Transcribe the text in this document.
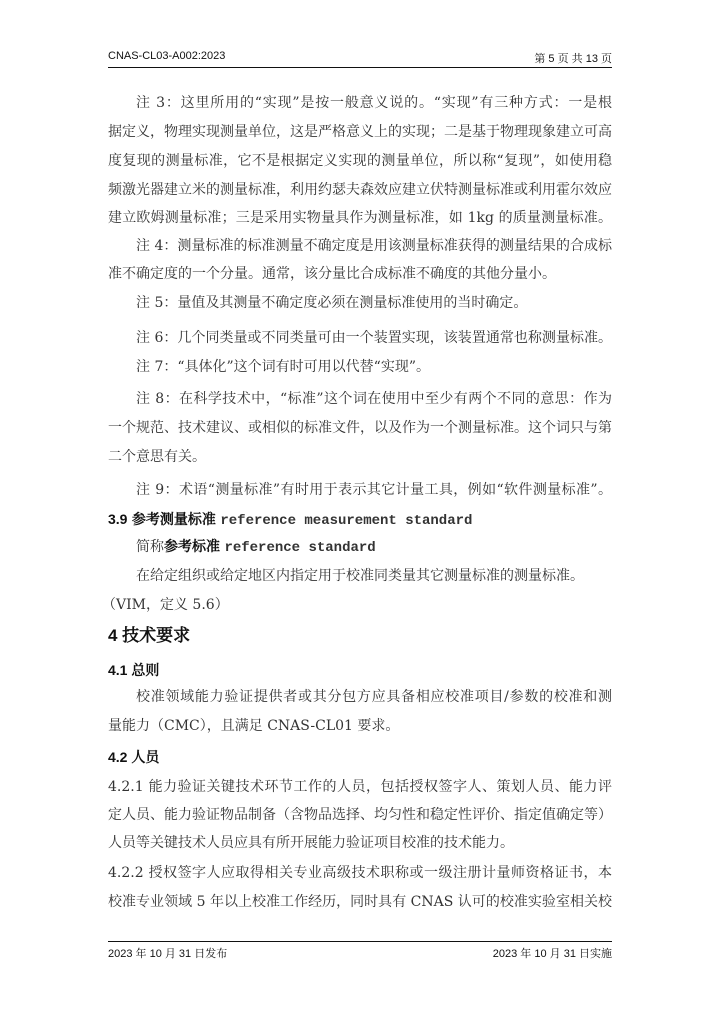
CNAS-CL03-A002:2023	第 5 页 共 13 页
注 3：这里所用的“实现”是按一般意义说的。“实现”有三种方式：一是根
据定义，物理实现测量单位，这是严格意义上的实现；二是基于物理现象建立可高
度复现的测量标准，它不是根据定义实现的测量单位，所以称“复现”，如使用稳
频激光器建立米的测量标准，利用约瑟夫森效应建立伏特测量标准或利用霍尔效应
建立欧姆测量标准；三是采用实物量具作为测量标准，如 1kg 的质量测量标准。
注 4：测量标准的标准测量不确定度是用该测量标准获得的测量结果的合成标
准不确定度的一个分量。通常，该分量比合成标准不确度的其他分量小。
注 5：量值及其测量不确定度必须在测量标准使用的当时确定。
注 6：几个同类量或不同类量可由一个装置实现，该装置通常也称测量标准。
注 7：“具体化”这个词有时可用以代替“实现”。
注 8：在科学技术中，“标准”这个词在使用中至少有两个不同的意思：作为
一个规范、技术建议、或相似的标准文件，以及作为一个测量标准。这个词只与第
二个意思有关。
注 9：术语“测量标准”有时用于表示其它计量工具，例如“软件测量标准”。
3.9 参考测量标准 reference measurement standard
简称参考标准 reference standard
在给定组织或给定地区内指定用于校准同类量其它测量标准的测量标准。
（VIM，定义 5.6）
4 技术要求
4.1 总则
校准领域能力验证提供者或其分包方应具备相应校准项目/参数的校准和测
量能力（CMC），且满足 CNAS-CL01 要求。
4.2 人员
4.2.1 能力验证关键技术环节工作的人员，包括授权签字人、策划人员、能力评
定人员、能力验证物品制备（含物品选择、均匀性和稳定性评价、指定值确定等）
人员等关键技术人员应具有所开展能力验证项目校准的技术能力。
4.2.2 授权签字人应取得相关专业高级技术职称或一级注册计量师资格证书，本
校准专业领域 5 年以上校准工作经历，同时具有 CNAS 认可的校准实验室相关校
2023 年 10 月 31 日发布	2023 年 10 月 31 日实施
